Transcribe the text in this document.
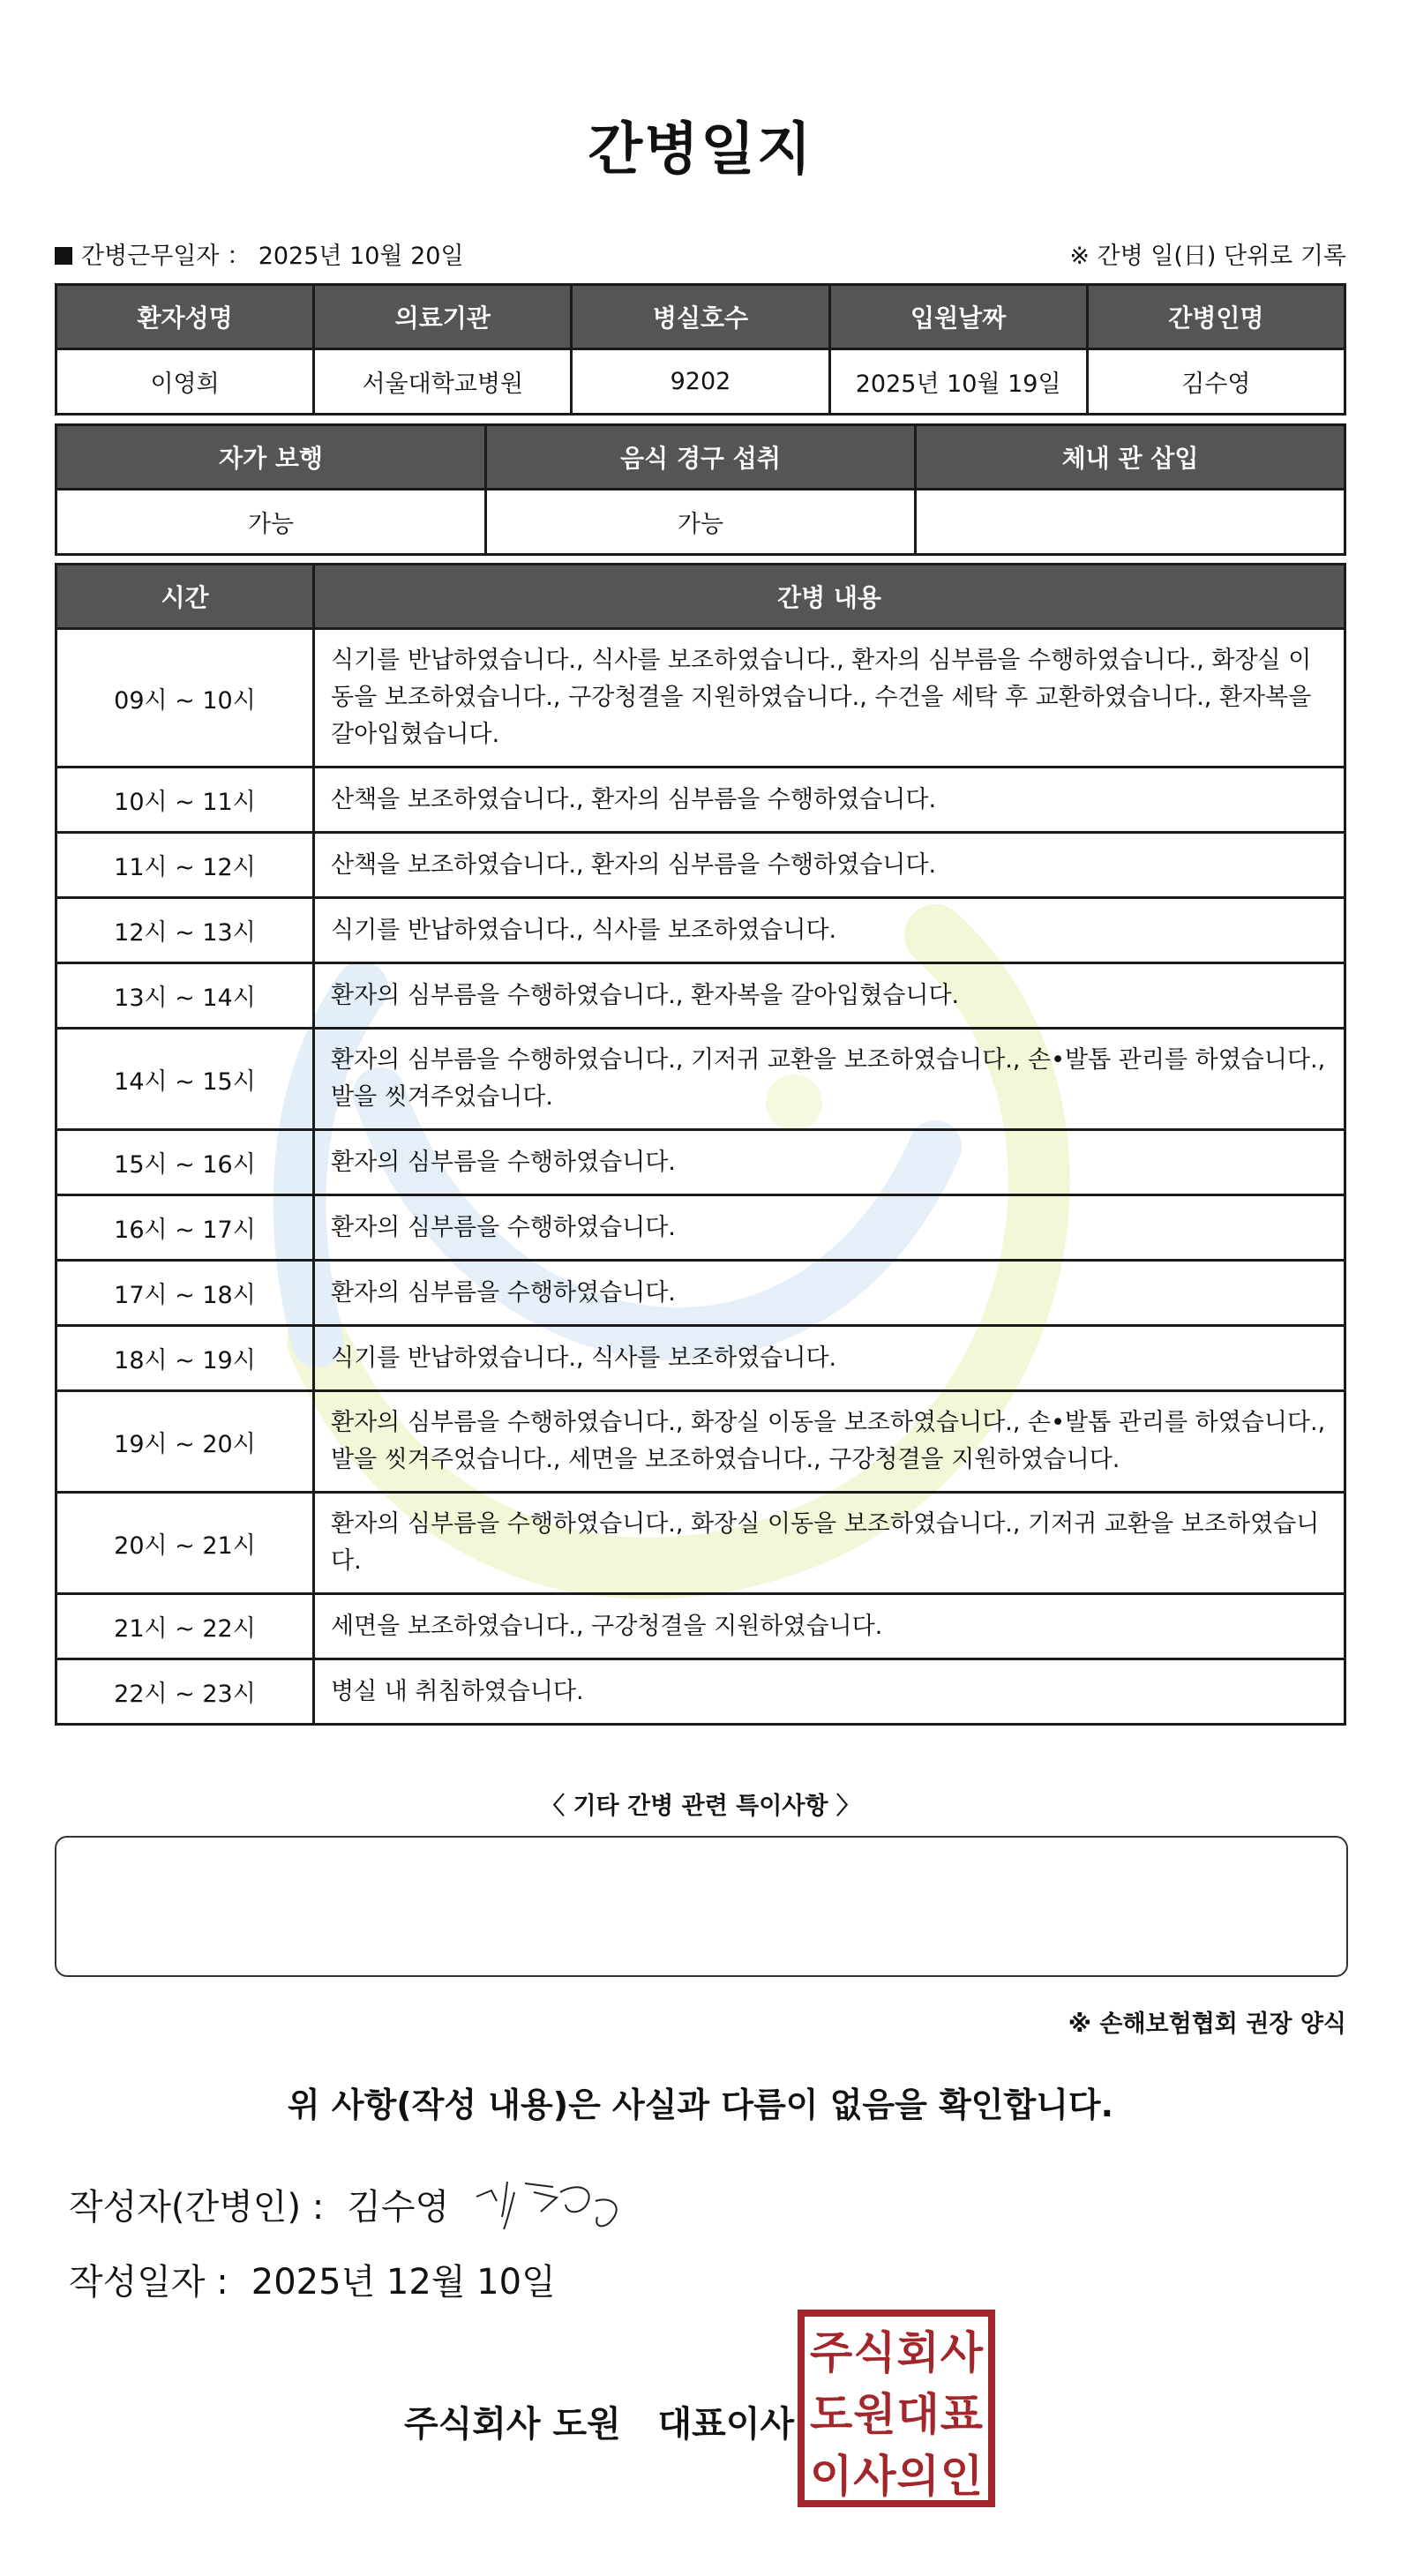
간병일지
간병근무일자 ： 2025년 10월 20일	※ 간병 일(日) 단위로 기록
환자성명	의료기관	병실호수	입원날짜	간병인명
이영희	서울대학교병원	9202	2025년 10월 19일	김수영
자가 보행	음식 경구 섭취	체내 관 삽입
가능	가능	
시간	간병 내용
09시 ~ 10시	식기를 반납하였습니다., 식사를 보조하였습니다., 환자의 심부름을 수행하였습니다., 화장실 이동을 보조하였습니다., 구강청결을 지원하였습니다., 수건을 세탁 후 교환하였습니다., 환자복을 갈아입혔습니다.
10시 ~ 11시	산책을 보조하였습니다., 환자의 심부름을 수행하였습니다.
11시 ~ 12시	산책을 보조하였습니다., 환자의 심부름을 수행하였습니다.
12시 ~ 13시	식기를 반납하였습니다., 식사를 보조하였습니다.
13시 ~ 14시	환자의 심부름을 수행하였습니다., 환자복을 갈아입혔습니다.
14시 ~ 15시	환자의 심부름을 수행하였습니다., 기저귀 교환을 보조하였습니다., 손•발톱 관리를 하였습니다., 발을 씻겨주었습니다.
15시 ~ 16시	환자의 심부름을 수행하였습니다.
16시 ~ 17시	환자의 심부름을 수행하였습니다.
17시 ~ 18시	환자의 심부름을 수행하였습니다.
18시 ~ 19시	식기를 반납하였습니다., 식사를 보조하였습니다.
19시 ~ 20시	환자의 심부름을 수행하였습니다., 화장실 이동을 보조하였습니다., 손•발톱 관리를 하였습니다., 발을 씻겨주었습니다., 세면을 보조하였습니다., 구강청결을 지원하였습니다.
20시 ~ 21시	환자의 심부름을 수행하였습니다., 화장실 이동을 보조하였습니다., 기저귀 교환을 보조하였습니다.
21시 ~ 22시	세면을 보조하였습니다., 구강청결을 지원하였습니다.
22시 ~ 23시	병실 내 취침하였습니다.
〈 기타 간병 관련 특이사항 〉
※ 손해보험협회 권장 양식
위 사항(작성 내용)은 사실과 다름이 없음을 확인합니다.
작성자(간병인) : 김수영
작성일자 : 2025년 12월 10일
주식회사 도원   대표이사
주식회사
도원대표
이사의인
